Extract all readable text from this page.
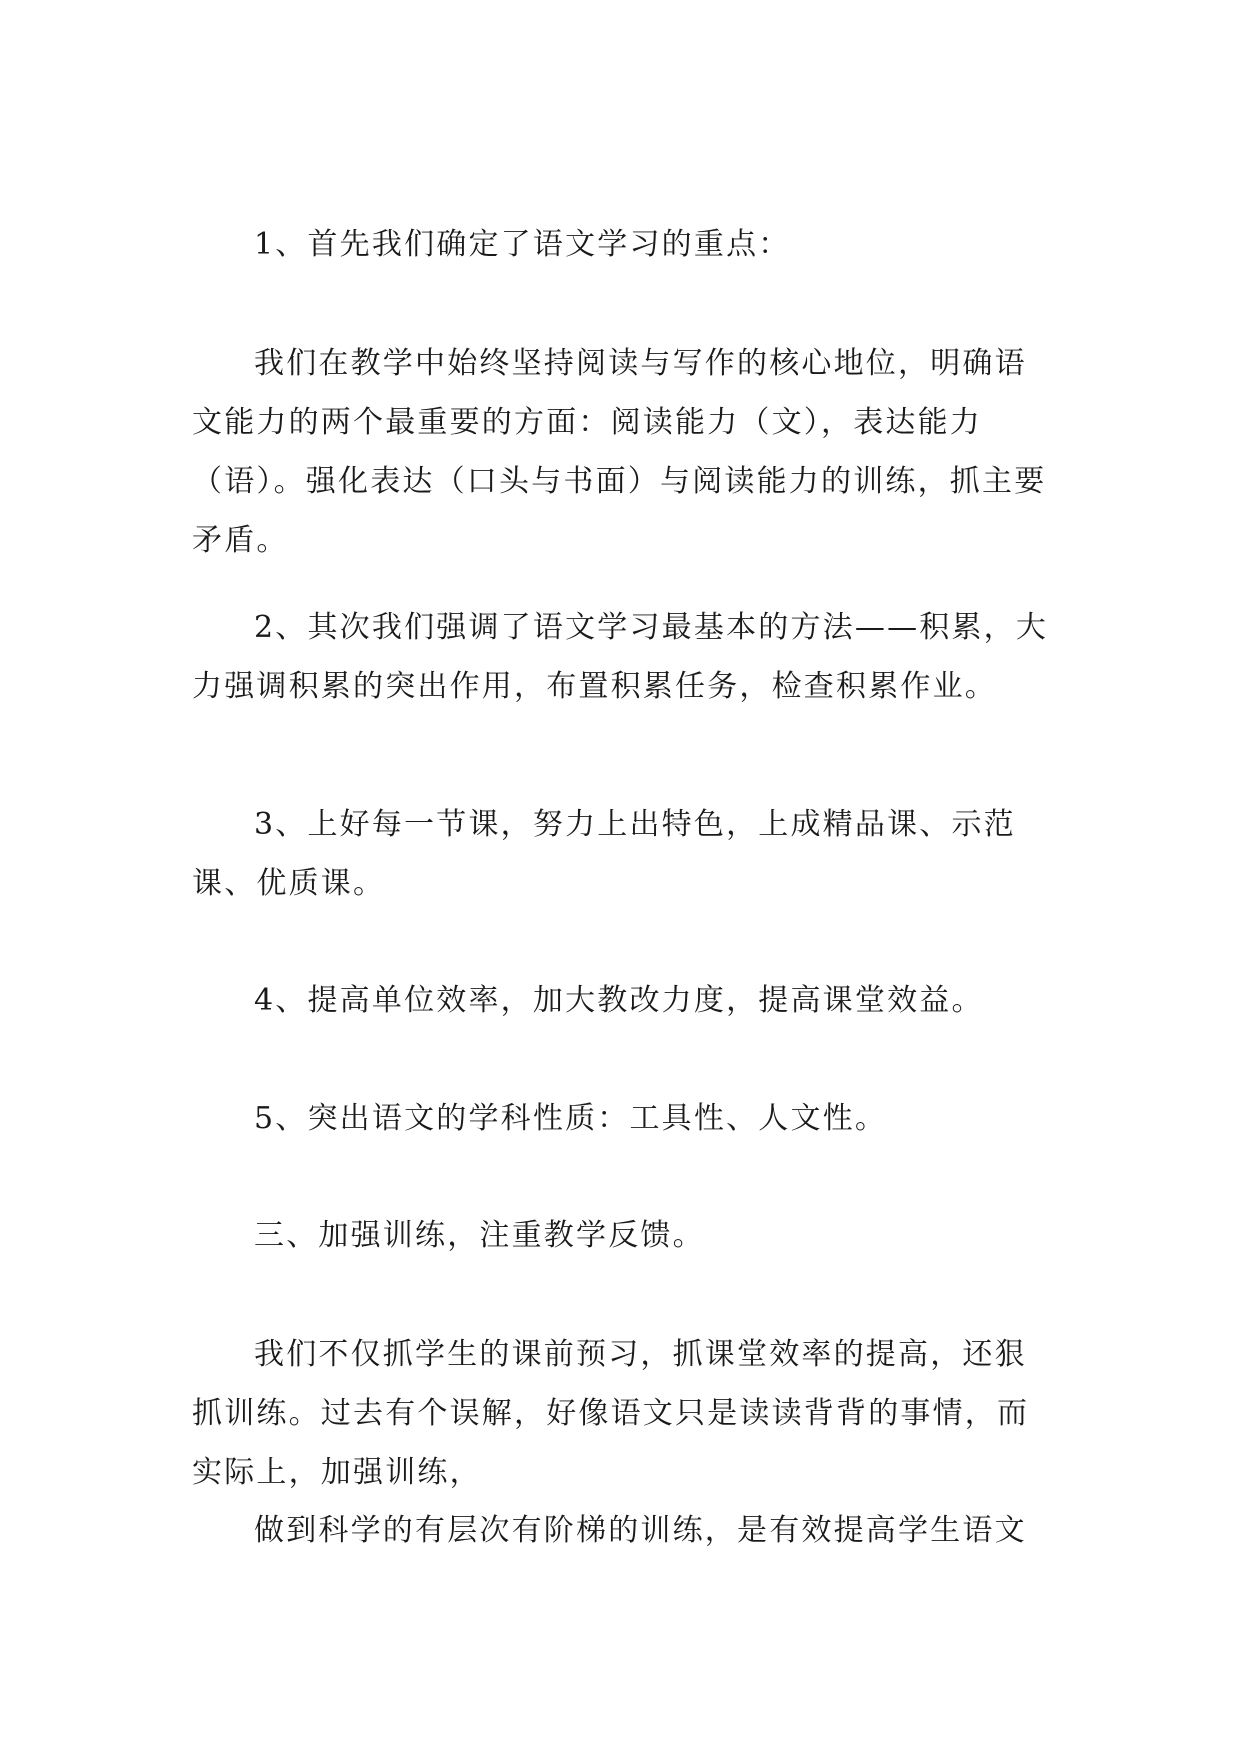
1、首先我们确定了语文学习的重点：

我们在教学中始终坚持阅读与写作的核心地位，明确语文能力的两个最重要的方面：阅读能力（文），表达能力（语）。强化表达（口头与书面）与阅读能力的训练，抓主要矛盾。

2、其次我们强调了语文学习最基本的方法——积累，大力强调积累的突出作用，布置积累任务，检查积累作业。

3、上好每一节课，努力上出特色，上成精品课、示范课、优质课。

4、提高单位效率，加大教改力度，提高课堂效益。

5、突出语文的学科性质：工具性、人文性。

三、加强训练，注重教学反馈。

我们不仅抓学生的课前预习，抓课堂效率的提高，还狠抓训练。过去有个误解，好像语文只是读读背背的事情，而实际上，加强训练，

做到科学的有层次有阶梯的训练，是有效提高学生语文
